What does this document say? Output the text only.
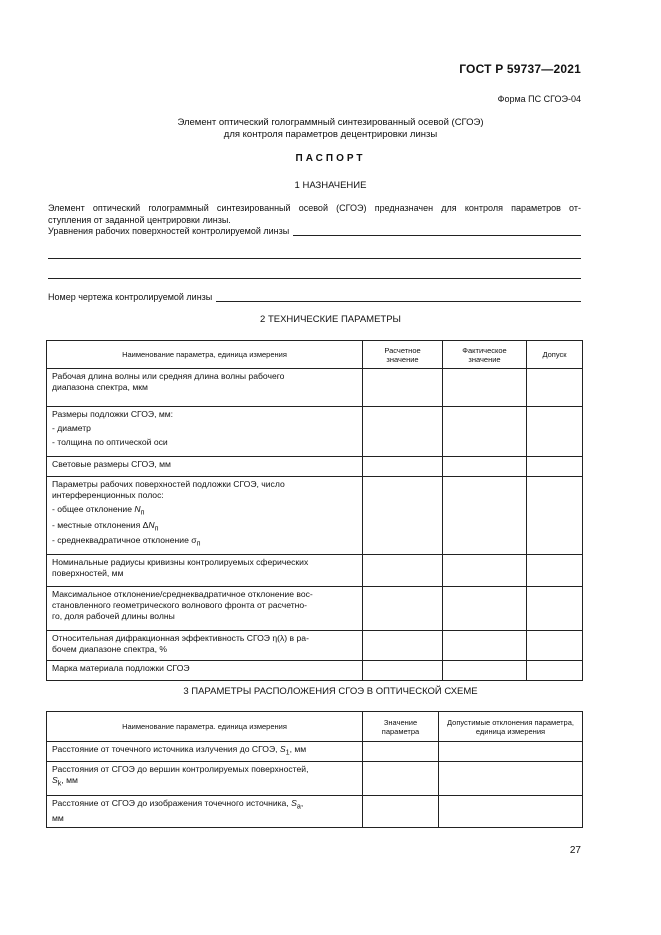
ГОСТ Р 59737—2021
Форма ПС СГОЭ-04
Элемент оптический голограммный синтезированный осевой (СГОЭ)
для контроля параметров децентрировки линзы
ПАСПОРТ
1 НАЗНАЧЕНИЕ
Элемент оптический голограммный синтезированный осевой (СГОЭ) предназначен для контроля параметров от-
ступления от заданной центрировки линзы.
Уравнения рабочих поверхностей контролируемой линзы
Номер чертежа контролируемой линзы
2 ТЕХНИЧЕСКИЕ ПАРАМЕТРЫ
Наименование параметра, единица измерения	Расчетное значение	Фактическое значение	Допуск

Рабочая длина волны или средняя длина волны рабочего
диапазона спектра, мкм			

Размеры подложки СГОЭ, мм:
- диаметр
- толщина по оптической оси			

Световые размеры СГОЭ, мм			

Параметры рабочих поверхностей подложки СГОЭ, число
интерференционных полос:
- общее отклонение $N_п$
- местные отклонения $\Delta N_п$
- среднеквадратичное отклонение $\sigma_п$

Номинальные радиусы кривизны контролируемых сферических
поверхностей, мм			

Максимальное отклонение/среднеквадратичное отклонение вос-
становленного геометрического волнового фронта от расчетно-
го, доля рабочей длины волны			

Относительная дифракционная эффективность СГОЭ η(λ) в ра-
бочем диапазоне спектра, %			

Марка материала подложки СГОЭ			

3 ПАРАМЕТРЫ РАСПОЛОЖЕНИЯ СГОЭ В ОПТИЧЕСКОЙ СХЕМЕ
Наименование параметра. единица измерения	Значение параметра	Допустимые отклонения параметра, единица измерения
Расстояние от точечного источника излучения до СГОЭ, $S_1$, мм		

Расстояния от СГОЭ до вершин контролируемых поверхностей,
$S_k$, мм		

Расстояние от СГОЭ до изображения точечного источника, $S_a$,
мм		

27
